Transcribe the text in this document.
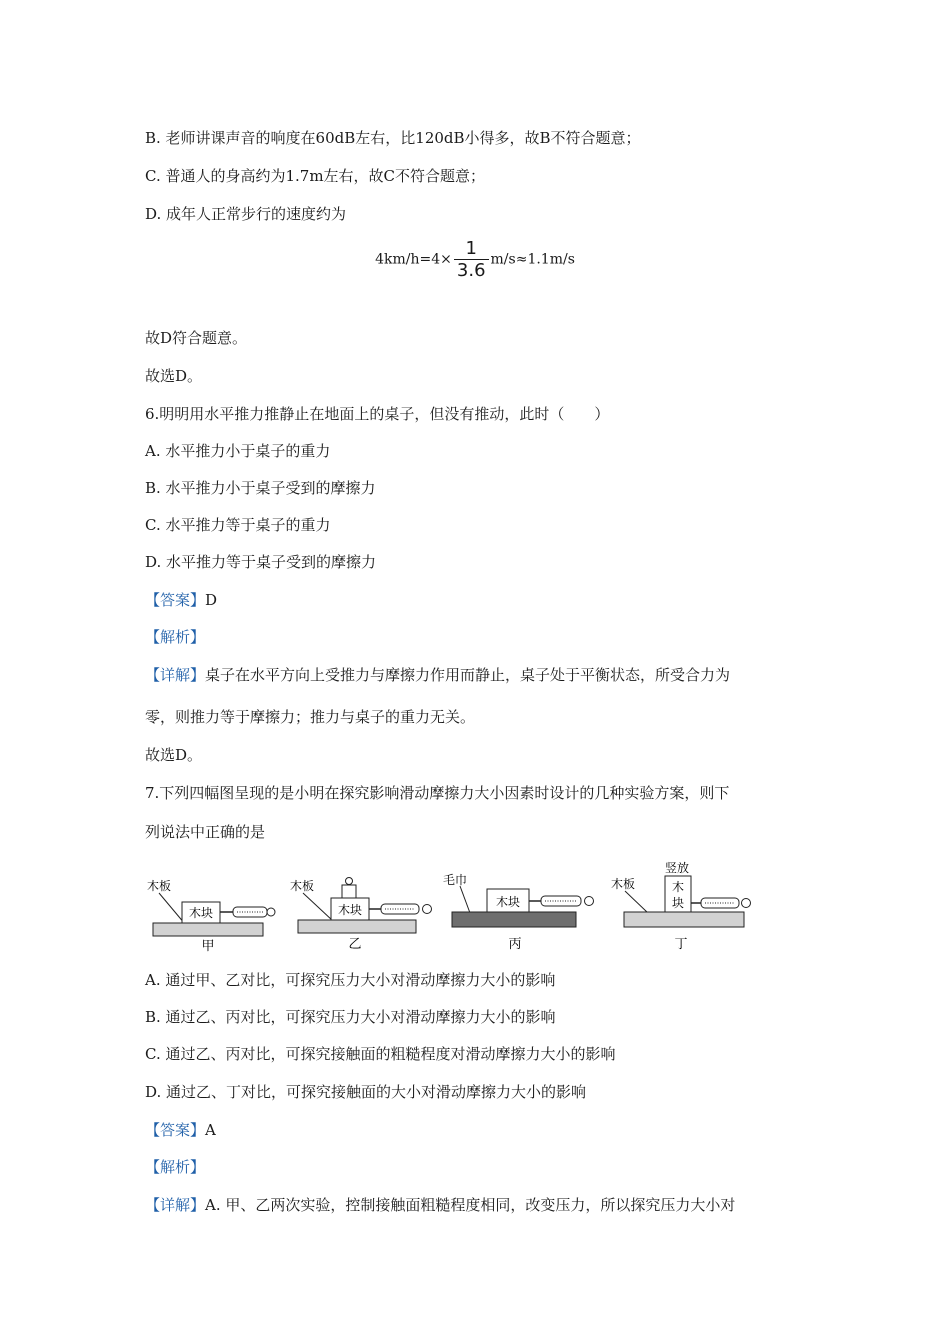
B. 老师讲课声音的响度在60dB左右，比120dB小得多，故B不符合题意；
C. 普通人的身高约为1.7m左右，故C不符合题意；
D. 成年人正常步行的速度约为
$4km/h=4\times \frac{1}{3.6} m/s\approx 1.1m/s$
故D符合题意。
故选D。
6.明明用水平推力推静止在地面上的桌子，但没有推动，此时（　　）
A. 水平推力小于桌子的重力
B. 水平推力小于桌子受到的摩擦力
C. 水平推力等于桌子的重力
D. 水平推力等于桌子受到的摩擦力
【答案】D
【解析】
【详解】桌子在水平方向上受推力与摩擦力作用而静止，桌子处于平衡状态，所受合力为
零，则推力等于摩擦力；推力与桌子的重力无关。
故选D。
7.下列四幅图呈现的是小明在探究影响滑动摩擦力大小因素时设计的几种实验方案，则下
列说法中正确的是
木板
木块
甲
木板
木块
乙
毛巾
木块
丙
竖放
木板	木
块
丁
A. 通过甲、乙对比，可探究压力大小对滑动摩擦力大小的影响
B. 通过乙、丙对比，可探究压力大小对滑动摩擦力大小的影响
C. 通过乙、丙对比，可探究接触面的粗糙程度对滑动摩擦力大小的影响
D. 通过乙、丁对比，可探究接触面的大小对滑动摩擦力大小的影响
【答案】A
【解析】
【详解】A. 甲、乙两次实验，控制接触面粗糙程度相同，改变压力，所以探究压力大小对
